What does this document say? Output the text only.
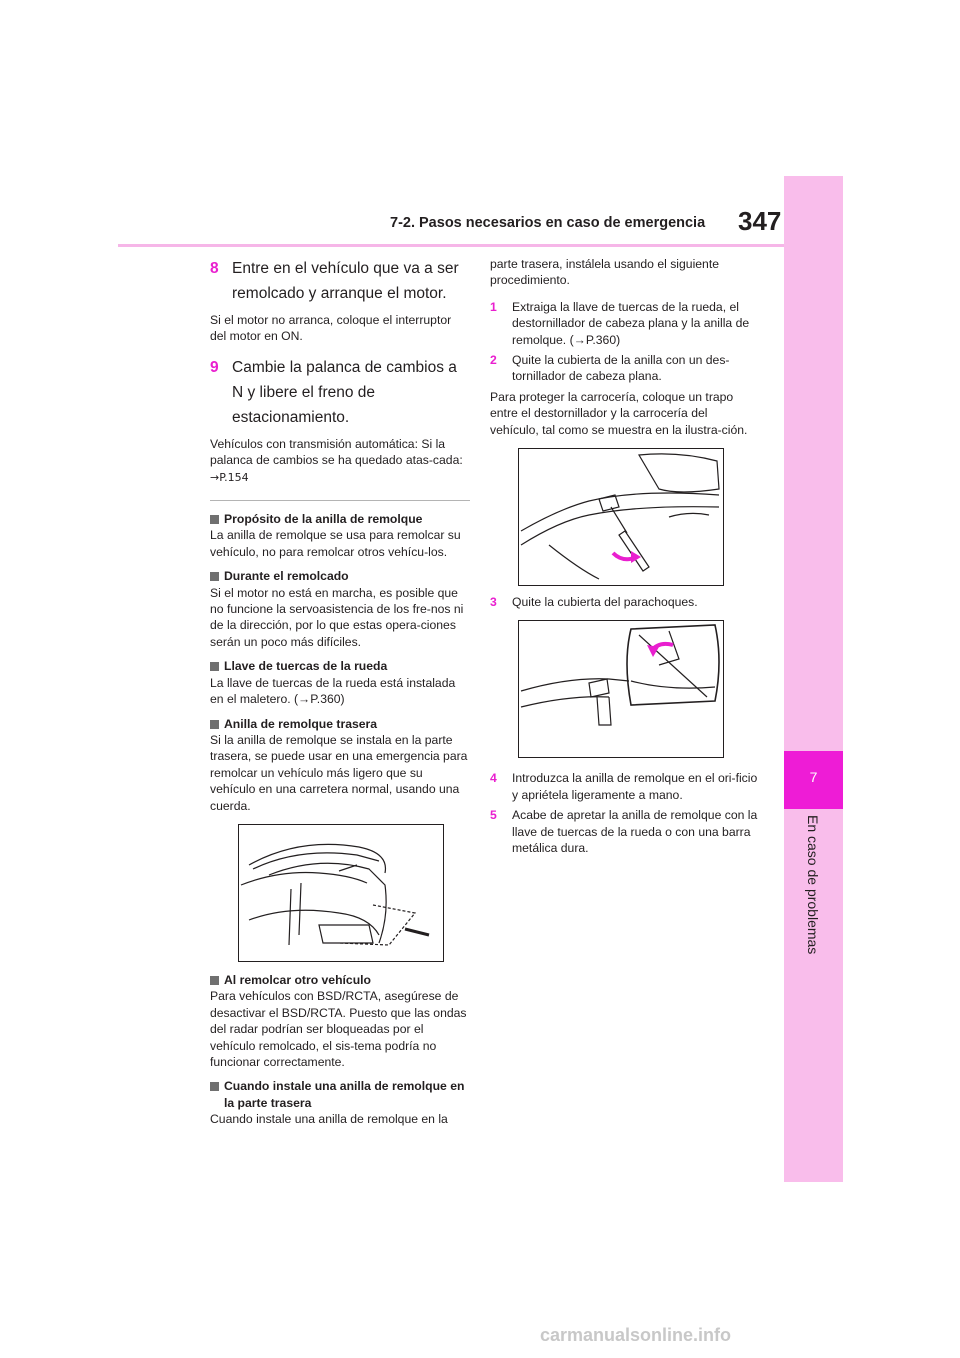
7-2. Pasos necesarios en caso de emergencia 347
7
En caso de problemas
8 Entre en el vehículo que va a ser remolcado y arranque el motor.

Si el motor no arranca, coloque el interruptor del motor en ON.

9 Cambie la palanca de cambios a N y libere el freno de estacionamiento.

Vehículos con transmisión automática: Si la palanca de cambios se ha quedado atas-cada: →P.154

Propósito de la anilla de remolque

La anilla de remolque se usa para remolcar su vehículo, no para remolcar otros vehícu-los.

Durante el remolcado

Si el motor no está en marcha, es posible que no funcione la servoasistencia de los fre-nos ni de la dirección, por lo que estas opera-ciones serán un poco más difíciles.

Llave de tuercas de la rueda

La llave de tuercas de la rueda está instalada en el maletero. (→P.360)

Anilla de remolque trasera

Si la anilla de remolque se instala en la parte trasera, se puede usar en una emergencia para remolcar un vehículo más ligero que su vehículo en una carretera normal, usando una cuerda.

Al remolcar otro vehículo

Para vehículos con BSD/RCTA, asegúrese de desactivar el BSD/RCTA. Puesto que las ondas del radar podrían ser bloqueadas por el vehículo remolcado, el sis-tema podría no funcionar correctamente.

Cuando instale una anilla de remolque en la parte trasera

Cuando instale una anilla de remolque en la

parte trasera, instálela usando el siguiente procedimiento.

1	Extraiga la llave de tuercas de la rueda, el destornillador de cabeza plana y la anilla de remolque. (→P.360)
2	Quite la cubierta de la anilla con un des-tornillador de cabeza plana.

Para proteger la carrocería, coloque un trapo entre el destornillador y la carrocería del vehículo, tal como se muestra en la ilustra-ción.

3	Quite la cubierta del parachoques.
4	Introduzca la anilla de remolque en el ori-ficio y apriétela ligeramente a mano.
5	Acabe de apretar la anilla de remolque con la llave de tuercas de la rueda o con una barra metálica dura.
carmanualsonline.info
